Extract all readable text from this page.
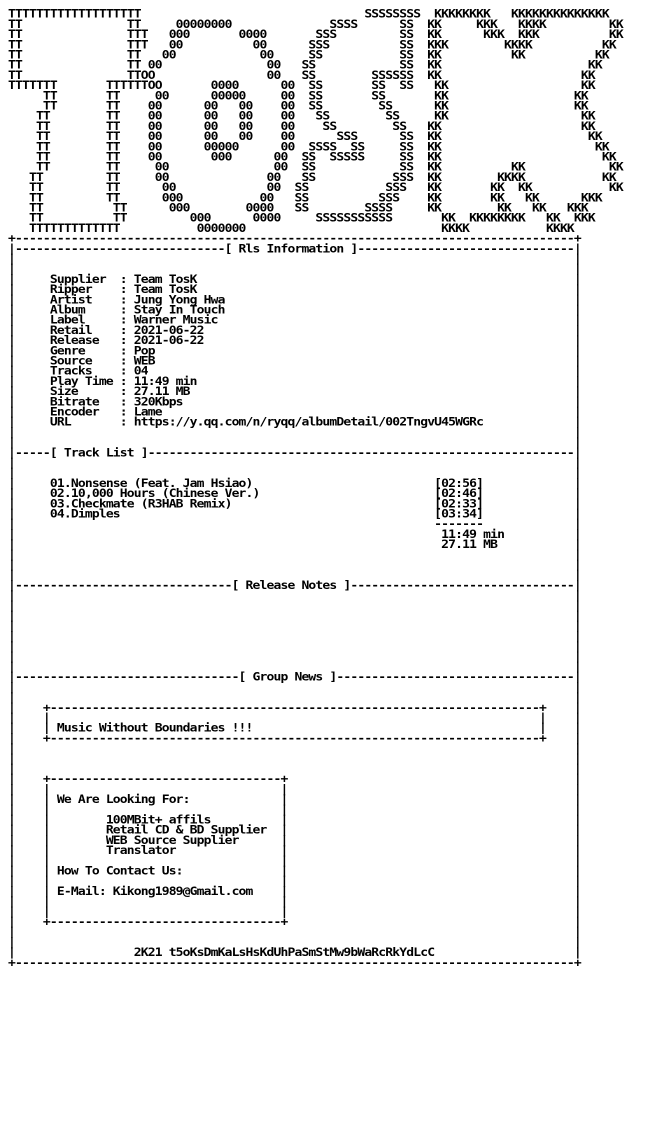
TTTTTTTTTTTTTTTTTTT                                SSSSSSSS  KKKKKKKK   KKKKKKKKKKKKKK
TT               TT     00000000              SSSS      SS  KK     KKK   KKKK         KK
TT               TTT   000       0000       SSS         SS  KK      KKK  KKK          KK
TT               TTT   00          00      SSS          SS  KKK        KKKK          KK
TT               TT   00            00     SS           SS  KK          KK          KK
TT               TT 00               00   SS            SS  KK                     KK
TT               TTOO                00   SS        SSSSSS  KK                    KK
TTTTTTT       TTTTTTOO       0000      00  SS       SS  SS   KK                   KK
TT       TT     00      00000     00  SS       SS       KK                  KK
TT       TT    00      00   00    00  SS        SS      KK                  KK
TT        TT    00      00   00    00   SS        SS     KK                   KK
TT        TT    00      00   00    00    SS        SS   KK                    KK
TT        TT    00      00   00    00      SSS      SS  KK                     KK
TT        TT    00      00000      00  SSSS  SS     SS  KK                      KK
TT        TT    00       000      00  SS  SSSSS     SS  KK                       KK
TT        TT     00               00  SS            SS  KK          KK            KK
TT         TT     00              00   SS           SSS  KK        KKKK           KK
TT         TT      00             00  SS           SSS   KK       KK  KK           KK
TT         TT      000           00   SS          SSS    KK       KK   KK      KKK
TT          TT      000        0000   SS        SSSS     KK        KK   KK   KKK
TT          TT         000      0000     SSSSSSSSSSS       KK  KKKKKKKK   KK  KKK
TTTTTTTTTTTTT           0000000                            KKKK           KKKK
+--------------------------------------------------------------------------------+
|------------------------------[ Rls Information ]-------------------------------|
|                                                                                |
|                                                                                |
|     Supplier  : Team TosK                                                      |
|     Ripper    : Team TosK                                                      |
|     Artist    : Jung Yong Hwa                                                  |
|     Album     : Stay In Touch                                                  |
|     Label     : Warner Music                                                   |
|     Retail    : 2021-06-22                                                     |
|     Release   : 2021-06-22                                                     |
|     Genre     : Pop                                                            |
|     Source    : WEB                                                            |
|     Tracks    : 04                                                             |
|     Play Time : 11:49 min                                                      |
|     Size      : 27.11 MB                                                       |
|     Bitrate   : 320Kbps                                                        |
|     Encoder   : Lame                                                           |
|     URL       : https://y.qq.com/n/ryqq/albumDetail/002TngvU45WGRc             |
|                                                                                |
|                                                                                |
|-----[ Track List ]-------------------------------------------------------------|
|                                                                                |
|                                                                                |
|     01.Nonsense (Feat. Jam Hsiao)                          [02:56]             |
|     02.10,000 Hours (Chinese Ver.)                         [02:46]             |
|     03.Checkmate (R3HAB Remix)                             [02:33]             |
|     04.Dimples                                             [03:34]             |
|                                                            -------             |
|                                                             11:49 min          |
|                                                             27.11 MB           |
|                                                                                |
|                                                                                |
|                                                                                |
|-------------------------------[ Release Notes ]--------------------------------|
|                                                                                |
|                                                                                |
|                                                                                |
|                                                                                |
|                                                                                |
|                                                                                |
|                                                                                |
|                                                                                |
|--------------------------------[ Group News ]----------------------------------|
|                                                                                |
|                                                                                |
|    +----------------------------------------------------------------------+    |
|    |                                                                      |    |
|    | Music Without Boundaries !!!                                         |    |
|    +----------------------------------------------------------------------+    |
|                                                                                |
|                                                                                |
|                                                                                |
|    +---------------------------------+                                         |
|    |                                 |                                         |
|    | We Are Looking For:             |                                         |
|    |                                 |                                         |
|    |        100MBit+ affils          |                                         |
|    |        Retail CD & BD Supplier  |                                         |
|    |        WEB Source Supplier      |                                         |
|    |        Translator               |                                         |
|    |                                 |                                         |
|    | How To Contact Us:              |                                         |
|    |                                 |                                         |
|    | E-Mail: Kikong1989@Gmail.com    |                                         |
|    |                                 |                                         |
|    |                                 |                                         |
|    +---------------------------------+                                         |
|                                                                                |
|                                                                                |
|                 2K21 t5oKsDmKaLsHsKdUhPaSmStMw9bWaRcRkYdLcC                    |
+--------------------------------------------------------------------------------+
